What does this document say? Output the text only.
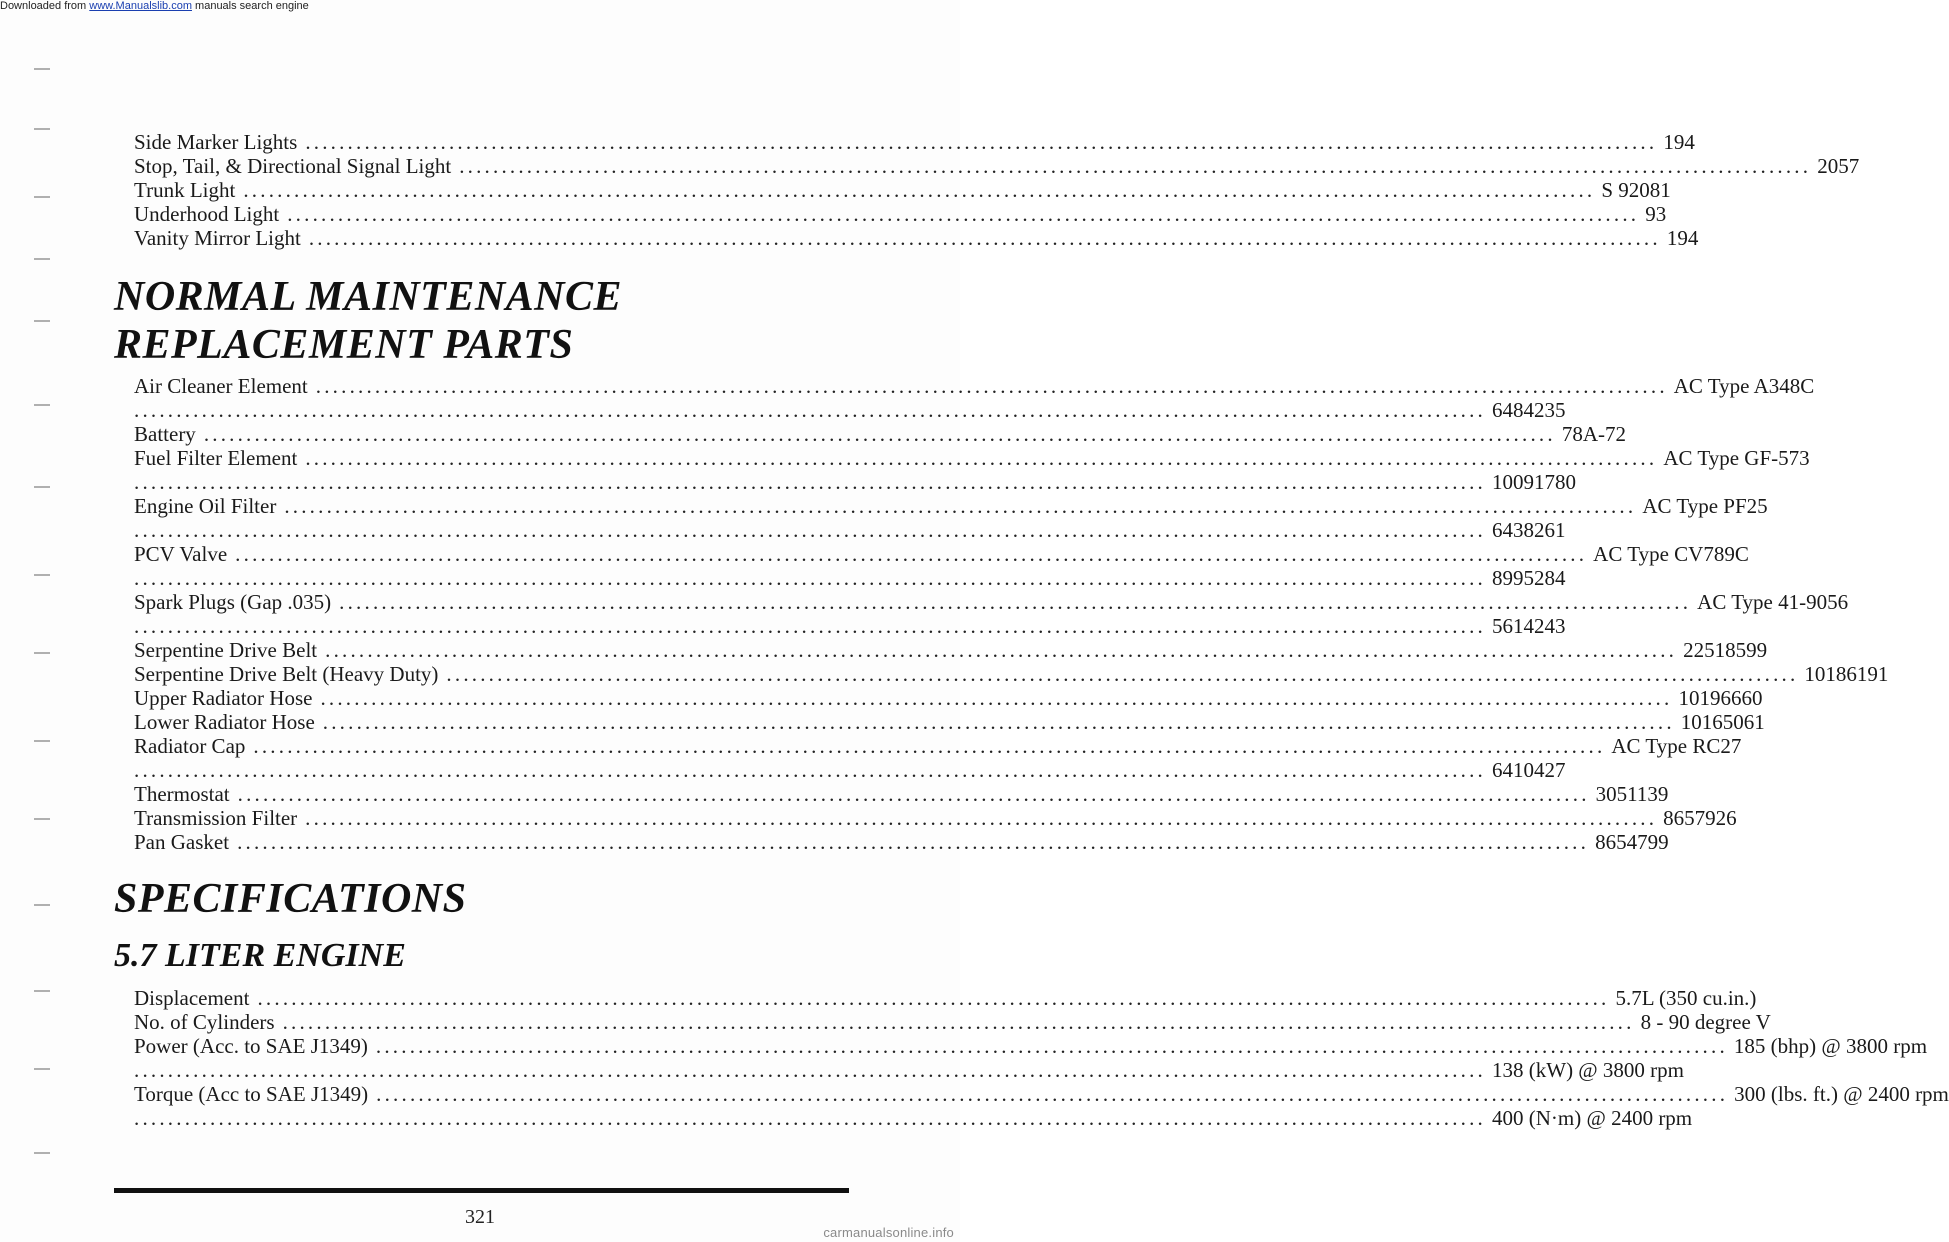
Downloaded from www.Manualslib.com manuals search engine
Side Marker Lights ................................................................................................................................................................ 194
Stop, Tail, & Directional Signal Light ................................................................................................................................................................ 2057
Trunk Light ................................................................................................................................................................ S 92081
Underhood Light ................................................................................................................................................................ 93
Vanity Mirror Light ................................................................................................................................................................ 194
NORMAL MAINTENANCE
REPLACEMENT PARTS
Air Cleaner Element ................................................................................................................................................................ AC Type A348C
................................................................................................................................................................ 6484235
Battery ................................................................................................................................................................ 78A-72
Fuel Filter Element ................................................................................................................................................................ AC Type GF-573
................................................................................................................................................................ 10091780
Engine Oil Filter ................................................................................................................................................................ AC Type PF25
................................................................................................................................................................ 6438261
PCV Valve ................................................................................................................................................................ AC Type CV789C
................................................................................................................................................................ 8995284
Spark Plugs (Gap .035) ................................................................................................................................................................ AC Type 41-9056
................................................................................................................................................................ 5614243
Serpentine Drive Belt ................................................................................................................................................................ 22518599
Serpentine Drive Belt (Heavy Duty) ................................................................................................................................................................ 10186191
Upper Radiator Hose ................................................................................................................................................................ 10196660
Lower Radiator Hose ................................................................................................................................................................ 10165061
Radiator Cap ................................................................................................................................................................ AC Type RC27
................................................................................................................................................................ 6410427
Thermostat ................................................................................................................................................................ 3051139
Transmission Filter ................................................................................................................................................................ 8657926
Pan Gasket ................................................................................................................................................................ 8654799
SPECIFICATIONS
5.7 LITER ENGINE
Displacement ................................................................................................................................................................ 5.7L (350 cu.in.)
No. of Cylinders ................................................................................................................................................................ 8 - 90 degree V
Power (Acc. to SAE J1349) ................................................................................................................................................................ 185 (bhp) @ 3800 rpm
................................................................................................................................................................ 138 (kW) @ 3800 rpm
Torque (Acc to SAE J1349) ................................................................................................................................................................ 300 (lbs. ft.) @ 2400 rpm
................................................................................................................................................................ 400 (N·m) @ 2400 rpm
321
carmanualsonline.info
